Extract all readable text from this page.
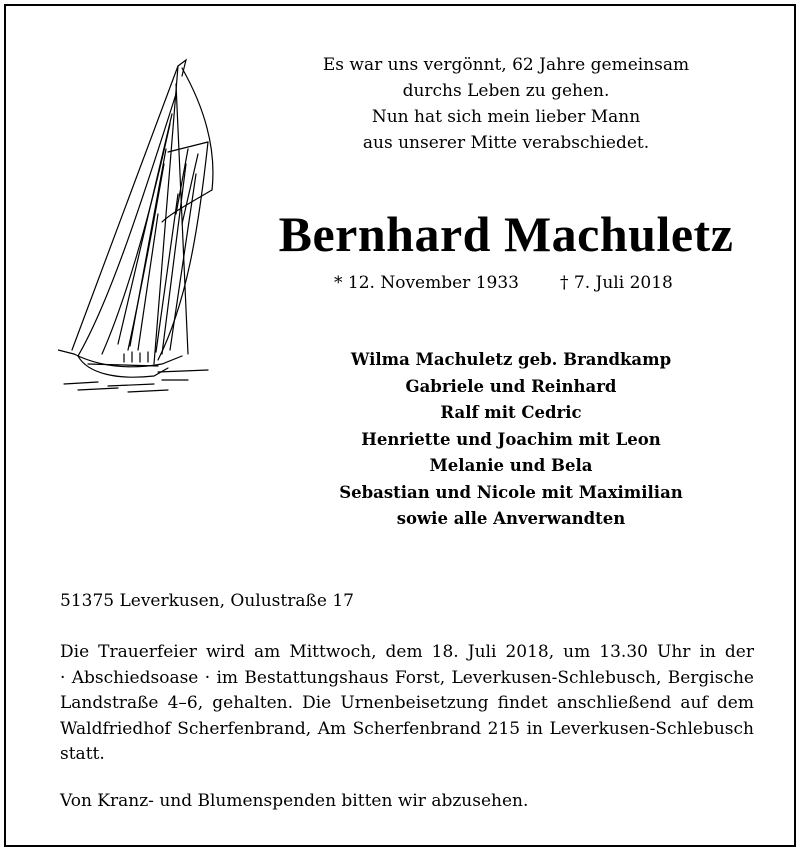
Es war uns vergönnt, 62 Jahre gemeinsam
durchs Leben zu gehen.
Nun hat sich mein lieber Mann
aus unserer Mitte verabschiedet.
Bernhard Machuletz
* 12. November 1933 † 7. Juli 2018
Wilma Machuletz geb. Brandkamp
Gabriele und Reinhard
Ralf mit Cedric
Henriette und Joachim mit Leon
Melanie und Bela
Sebastian und Nicole mit Maximilian
sowie alle Anverwandten
51375 Leverkusen, Oulustraße 17
Die Trauerfeier wird am Mittwoch, dem 18. Juli 2018, um 13.30 Uhr in der
· Abschiedsoase · im Bestattungshaus Forst, Leverkusen-Schlebusch, Bergische
Landstraße 4–6, gehalten. Die Urnenbeisetzung findet anschließend auf dem
Waldfriedhof Scherfenbrand, Am Scherfenbrand 215 in Leverkusen-Schlebusch
statt.
Von Kranz- und Blumenspenden bitten wir abzusehen.
